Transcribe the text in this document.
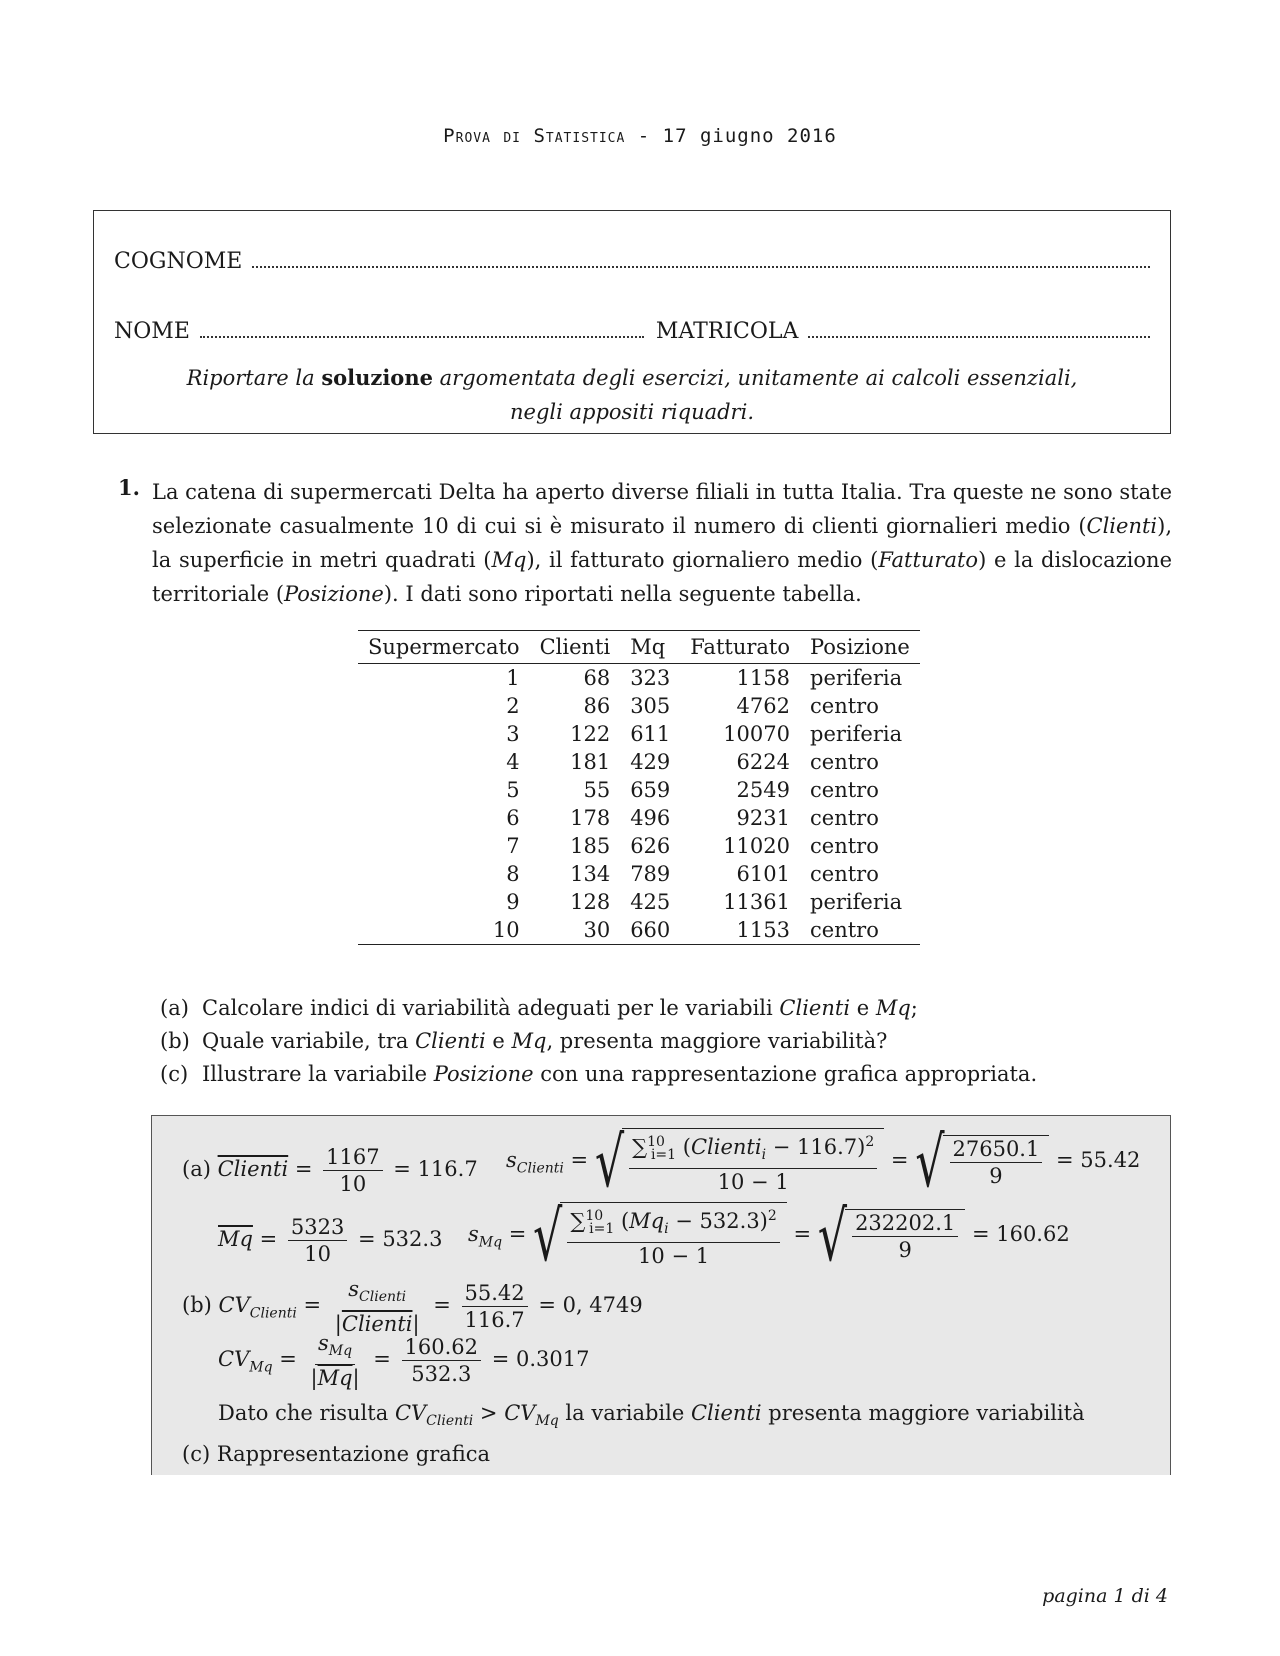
Prova di Statistica - 17 giugno 2016
COGNOME
NOME	MATRICOLA
Riportare la soluzione argomentata degli esercizi, unitamente ai calcoli essenziali,
negli appositi riquadri.
1. La catena di supermercati Delta ha aperto diverse filiali in tutta Italia. Tra queste ne sono state selezionate casualmente 10 di cui si è misurato il numero di clienti giornalieri medio (Clienti), la superficie in metri quadrati (Mq), il fatturato giornaliero medio (Fatturato) e la dislocazione territoriale (Posizione). I dati sono riportati nella seguente tabella.
Supermercato	Clienti	Mq	Fatturato	Posizione
1	68	323	1158	periferia
2	86	305	4762	centro
3	122	611	10070	periferia
4	181	429	6224	centro
5	55	659	2549	centro
6	178	496	9231	centro
7	185	626	11020	centro
8	134	789	6101	centro
9	128	425	11361	periferia
10	30	660	1153	centro
(a) Calcolare indici di variabilità adeguati per le variabili Clienti e Mq;
(b) Quale variabile, tra Clienti e Mq, presenta maggiore variabilità?
(c) Illustrare la variabile Posizione con una rappresentazione grafica appropriata.
(a) Clienti = $\frac{1167}{10} = 116.7$ $s_{Clienti}$ = √ $\frac{\sum^{10}_{i=1} (Clienti_i - 116.7)^2}{10 - 1}$ = √ $\frac{27650.1}{9} = 55.42$
$\overline{Mq} = \frac{5323}{10} = 532.3$ $s_{Mq}$ = √ $\frac{\sum^{10}_{i=1} (Mq_i - 532.3)^2}{10 - 1}$ = √ $\frac{232202.1}{9} = 160.62$
(b) $CV_{Clienti} = \frac{s_{Clienti}}{\text{|Clienti|}} = \frac{55.42}{116.7} = 0$, 4749
$CV_{Mq} = \frac{s_{Mq}}{|\overline{Mq}|} = \frac{160.62}{532.3} = 0.3017$
Dato che risulta $CV_{Clienti} > CV_{Mq}$ la variabile Clienti presenta maggiore variabilità
(c) Rappresentazione grafica
pagina 1 di 4
